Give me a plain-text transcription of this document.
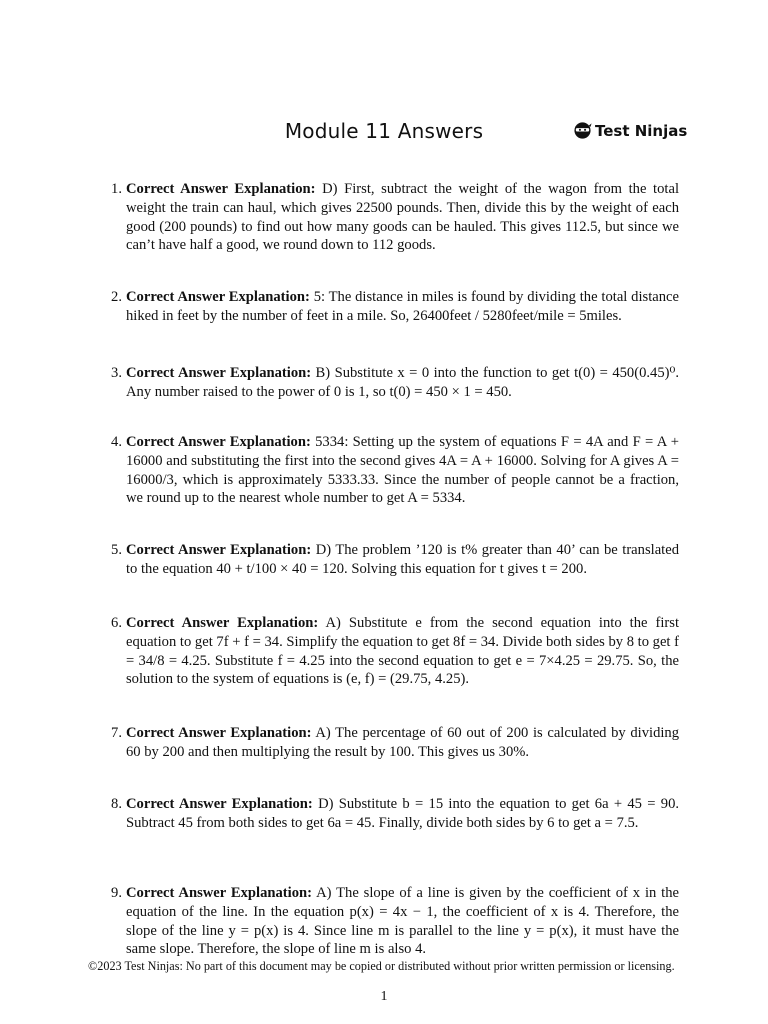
Module 11 Answers	Test Ninjas
1. Correct Answer Explanation: D) First, subtract the weight of the wagon from the total weight the train can haul, which gives 22500 pounds. Then, divide this by the weight of each good (200 pounds) to find out how many goods can be hauled. This gives 112.5, but since we can’t have half a good, we round down to 112 goods.
2. Correct Answer Explanation: 5: The distance in miles is found by dividing the total distance hiked in feet by the number of feet in a mile. So, 26400feet / 5280feet/mile = 5miles.
3. Correct Answer Explanation: B) Substitute x = 0 into the function to get t(0) = 450(0.45)⁰. Any number raised to the power of 0 is 1, so t(0) = 450 × 1 = 450.
4. Correct Answer Explanation: 5334: Setting up the system of equations F = 4A and F = A + 16000 and substituting the first into the second gives 4A = A + 16000. Solving for A gives A = 16000/3, which is approximately 5333.33. Since the number of people cannot be a fraction, we round up to the nearest whole number to get A = 5334.
5. Correct Answer Explanation: D) The problem ’120 is t% greater than 40’ can be translated to the equation 40 + t/100 × 40 = 120. Solving this equation for t gives t = 200.
6. Correct Answer Explanation: A) Substitute e from the second equation into the first equation to get 7f + f = 34. Simplify the equation to get 8f = 34. Divide both sides by 8 to get f = 34/8 = 4.25. Substitute f = 4.25 into the second equation to get e = 7×4.25 = 29.75. So, the solution to the system of equations is (e, f) = (29.75, 4.25).
7. Correct Answer Explanation: A) The percentage of 60 out of 200 is calculated by dividing 60 by 200 and then multiplying the result by 100. This gives us 30%.
8. Correct Answer Explanation: D) Substitute b = 15 into the equation to get 6a + 45 = 90. Subtract 45 from both sides to get 6a = 45. Finally, divide both sides by 6 to get a = 7.5.
9. Correct Answer Explanation: A) The slope of a line is given by the coefficient of x in the equation of the line. In the equation p(x) = 4x − 1, the coefficient of x is 4. Therefore, the slope of the line y = p(x) is 4. Since line m is parallel to the line y = p(x), it must have the same slope. Therefore, the slope of line m is also 4.
©2023 Test Ninjas: No part of this document may be copied or distributed without prior written permission or licensing.
1
